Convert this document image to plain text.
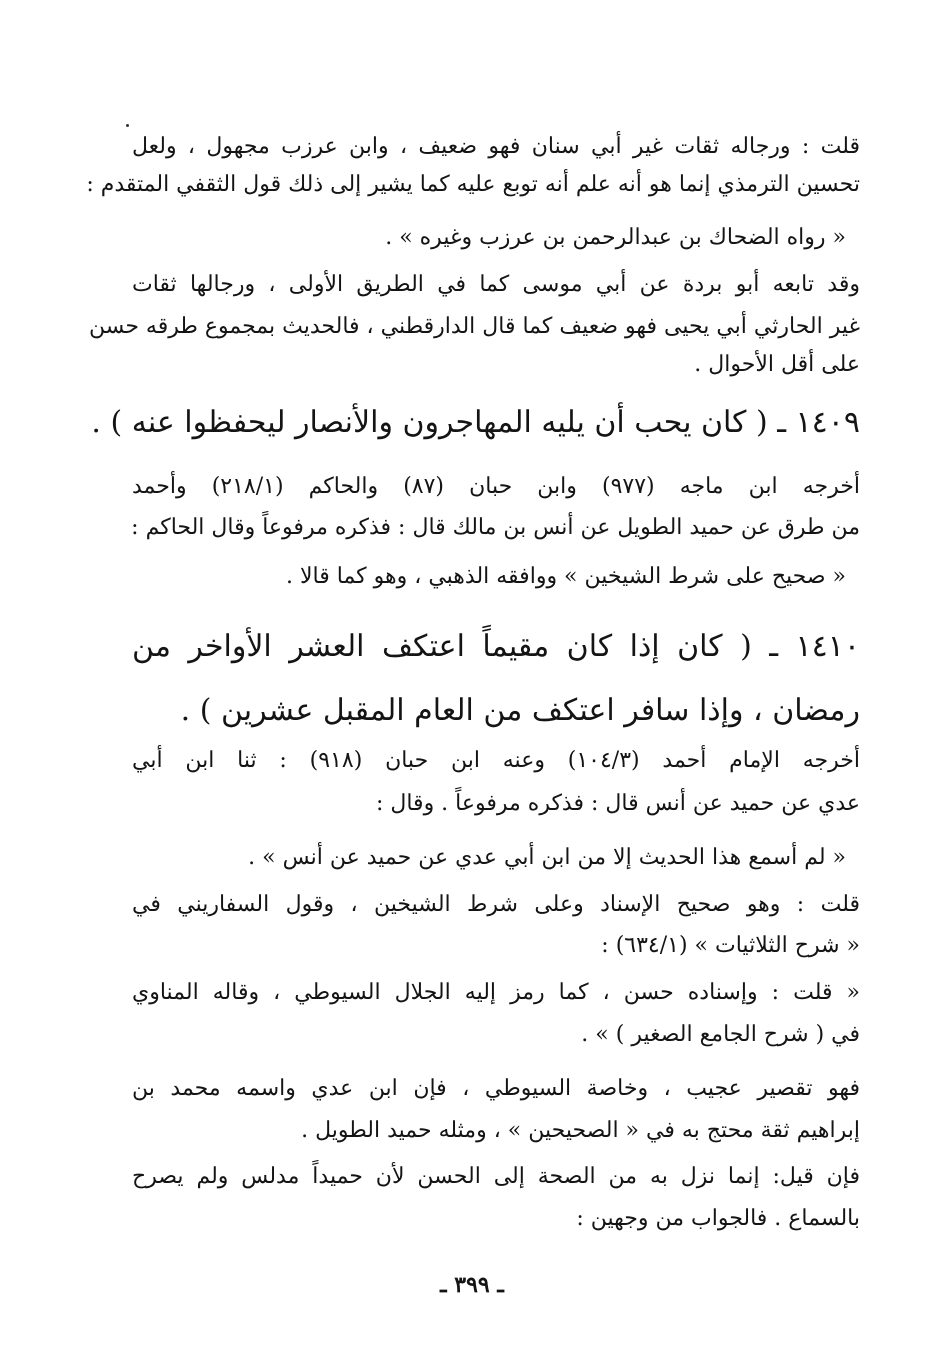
قلت : ورجاله ثقات غير أبي سنان فهو ضعيف ، وابن عرزب مجهول ، ولعل
تحسين الترمذي إنما هو أنه علم أنه توبع عليه كما يشير إلى ذلك قول الثقفي المتقدم :
« رواه الضحاك بن عبدالرحمن بن عرزب وغيره » .
وقد تابعه أبو بردة عن أبي موسى كما في الطريق الأولى ، ورجالها ثقات
غير الحارثي أبي يحيى فهو ضعيف كما قال الدارقطني ، فالحديث بمجموع طرقه حسن
على أقل الأحوال .
١٤٠٩ ـ ( كان يحب أن يليه المهاجرون والأنصار ليحفظوا عنه ) .
أخرجه ابن ماجه (٩٧٧) وابن حبان (٨٧) والحاكم (٢١٨/١) وأحمد
من طرق عن حميد الطويل عن أنس بن مالك قال : فذكره مرفوعاً وقال الحاكم :
« صحيح على شرط الشيخين » ووافقه الذهبي ، وهو كما قالا .
١٤١٠ ـ ( كان إذا كان مقيماً اعتكف العشر الأواخر من
رمضان ، وإذا سافر اعتكف من العام المقبل عشرين ) .
أخرجه الإمام أحمد (١٠٤/٣) وعنه ابن حبان (٩١٨) : ثنا ابن أبي
عدي عن حميد عن أنس قال : فذكره مرفوعاً . وقال :
« لم أسمع هذا الحديث إلا من ابن أبي عدي عن حميد عن أنس » .
قلت : وهو صحيح الإسناد وعلى شرط الشيخين ، وقول السفاريني في
« شرح الثلاثيات » (٦٣٤/١) :
« قلت : وإسناده حسن ، كما رمز إليه الجلال السيوطي ، وقاله المناوي
في ( شرح الجامع الصغير ) » .
فهو تقصير عجيب ، وخاصة السيوطي ، فإن ابن عدي واسمه محمد بن
إبراهيم ثقة محتج به في « الصحيحين » ، ومثله حميد الطويل .
فإن قيل: إنما نزل به من الصحة إلى الحسن لأن حميداً مدلس ولم يصرح
بالسماع . فالجواب من وجهين :
ـ ٣٩٩ ـ
